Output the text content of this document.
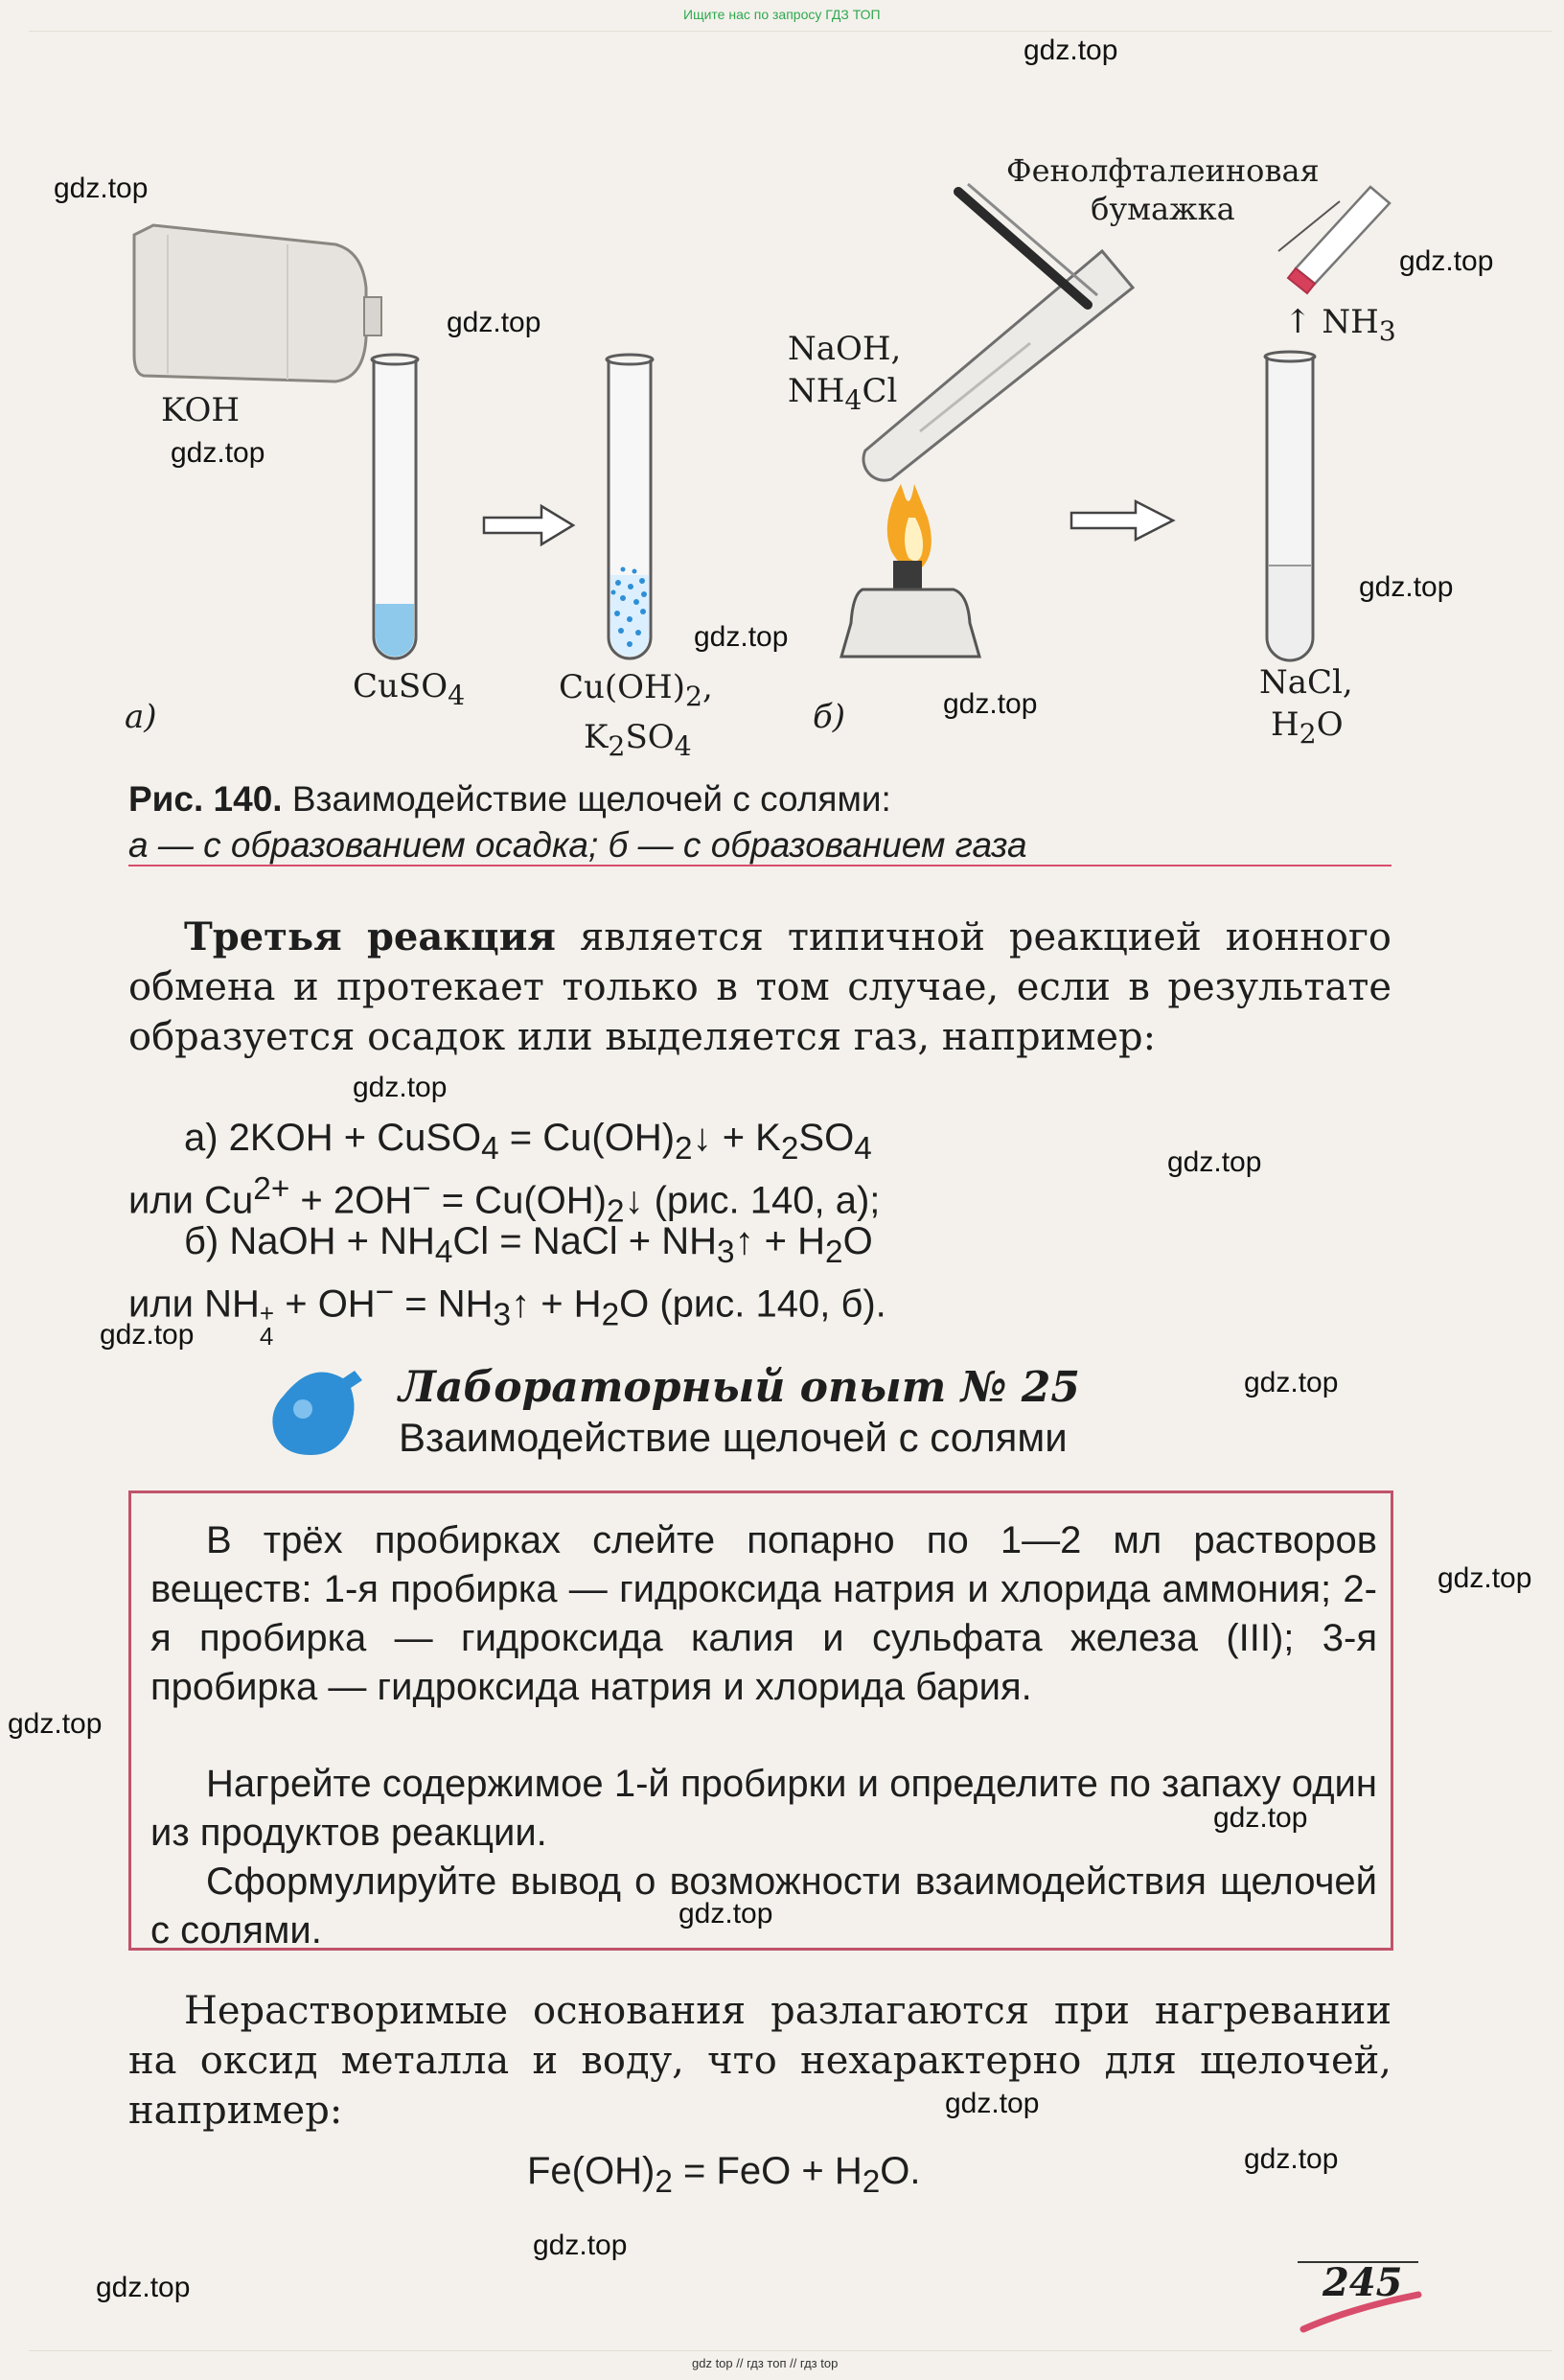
Ищите нас по запросу ГДЗ ТОП
KOH
CuSO$_4$	$Cu(OH)_2$,
$K_2SO_4$
а)	б)
NaOH,
$NH_4Cl$
Фенолфталеиновая
бумажка
↑ $NH_3$
NaCl,
$H_2O$
Рис. 140. Взаимодействие щелочей с солями:
а — с образованием осадка; б — с образованием газа
Третья реакция является типичной реакцией ионного обмена и протекает только в том случае, если в результате образуется осадок или выделяется газ, например:
а) 2KOH + CuSO$_4$ = $Cu(OH)_2↓ + K_2SO_4$
или $Cu^{2+} + 2OH^-$ = $Cu(OH)_2↓$ (рис. 140, а);
б) NaOH + $NH_4Cl$ = NaCl + $NH_3↑ + H_2O$
или NH +
4
+ $OH^- = NH_3↑ + H_2O$ (рис. 140, б).
Лабораторный опыт № 25
Взаимодействие щелочей с солями
В трёх пробирках слейте попарно по 1—2 мл растворов веществ: 1-я пробирка — гидроксида натрия и хлорида аммония; 2-я пробирка — гидроксида калия и сульфата железа (III); 3-я пробирка — гидроксида натрия и хлорида бария.
Нагрейте содержимое 1-й пробирки и определите по запаху один из продуктов реакции.
Сформулируйте вывод о возможности взаимодействия щелочей с солями.
Нерастворимые основания разлагаются при нагревании на оксид металла и воду, что нехарактерно для щелочей, например:
$Fe(OH)_2$ = FeO + $H_2O$.
245
gdz top // гдз топ // гдз top
gdz.top
gdz.top
gdz.top
gdz.top
gdz.top
gdz.top
gdz.top
gdz.top
gdz.top
gdz.top
gdz.top
gdz.top
gdz.top
gdz.top
gdz.top
gdz.top
gdz.top
gdz.top
gdz.top
gdz.top
